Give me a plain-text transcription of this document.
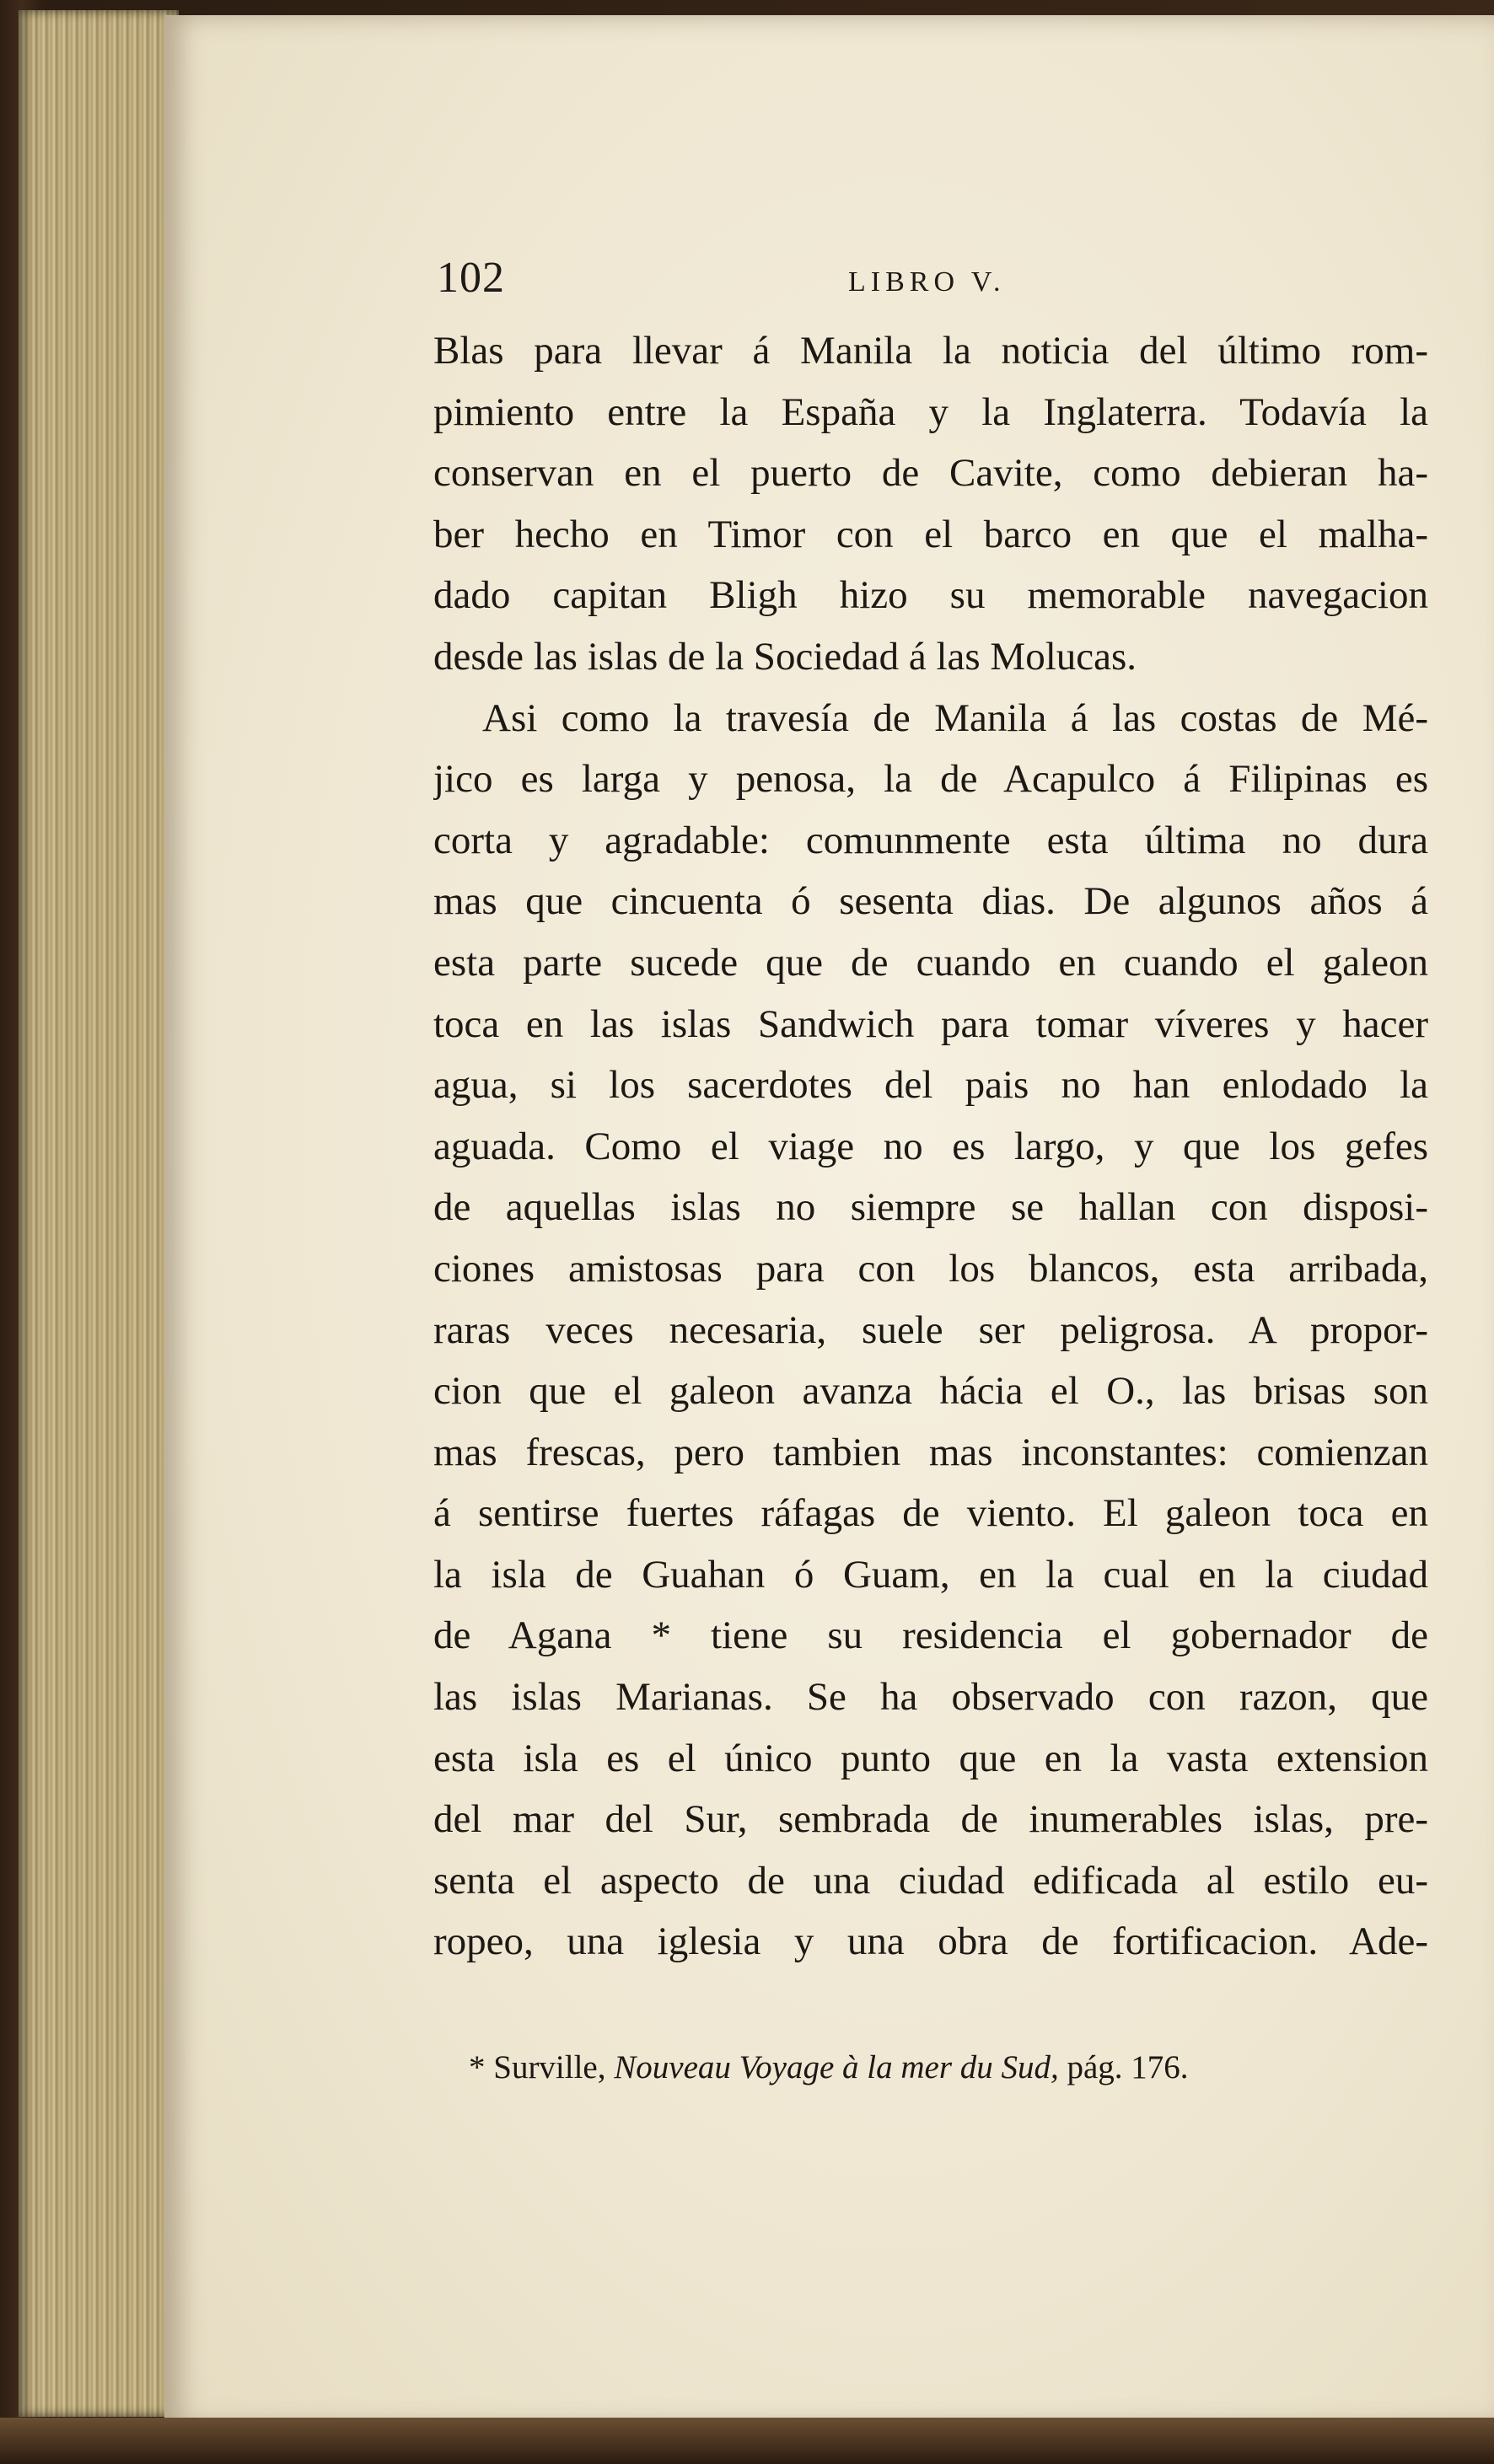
102	LIBRO V.
Blas para llevar á Manila la noticia del último rom-
pimiento entre la España y la Inglaterra. Todavía la
conservan en el puerto de Cavite, como debieran ha-
ber hecho en Timor con el barco en que el malha-
dado capitan Bligh hizo su memorable navegacion
desde las islas de la Sociedad á las Molucas.
Asi como la travesía de Manila á las costas de Mé-
jico es larga y penosa, la de Acapulco á Filipinas es
corta y agradable: comunmente esta última no dura
mas que cincuenta ó sesenta dias. De algunos años á
esta parte sucede que de cuando en cuando el galeon
toca en las islas Sandwich para tomar víveres y hacer
agua, si los sacerdotes del pais no han enlodado la
aguada. Como el viage no es largo, y que los gefes
de aquellas islas no siempre se hallan con disposi-
ciones amistosas para con los blancos, esta arribada,
raras veces necesaria, suele ser peligrosa. A propor-
cion que el galeon avanza hácia el O., las brisas son
mas frescas, pero tambien mas inconstantes: comienzan
á sentirse fuertes ráfagas de viento. El galeon toca en
la isla de Guahan ó Guam, en la cual en la ciudad
de Agana * tiene su residencia el gobernador de
las islas Marianas. Se ha observado con razon, que
esta isla es el único punto que en la vasta extension
del mar del Sur, sembrada de inumerables islas, pre-
senta el aspecto de una ciudad edificada al estilo eu-
ropeo, una iglesia y una obra de fortificacion. Ade-
* Surville, Nouveau Voyage à la mer du Sud, pág. 176.
